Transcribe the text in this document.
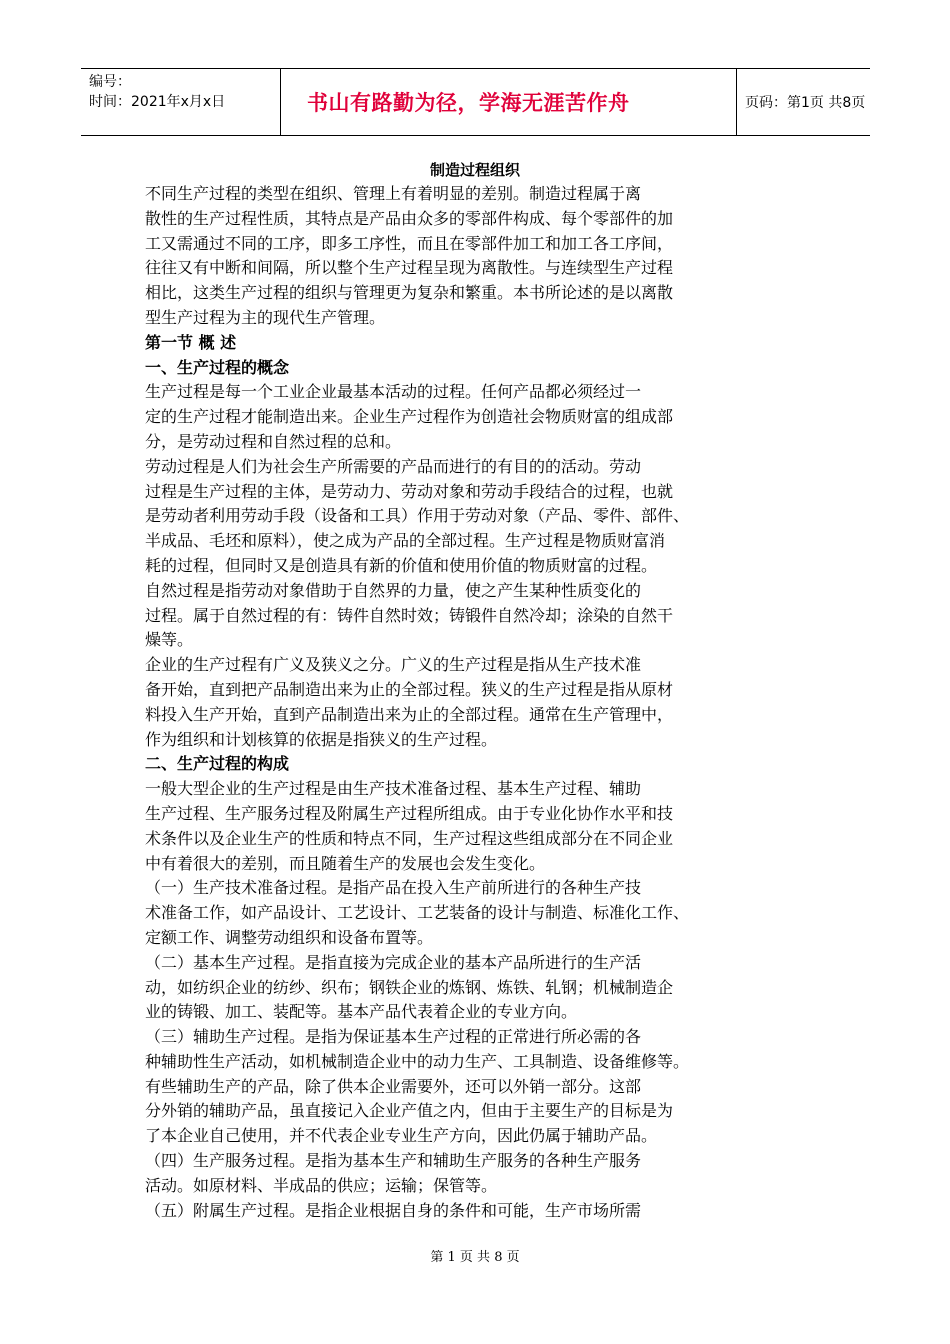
编号：
时间：2021年x月x日	书山有路勤为径，学海无涯苦作舟	页码：第1页 共8页
制造过程组织
不同生产过程的类型在组织、管理上有着明显的差别。制造过程属于离
散性的生产过程性质，其特点是产品由众多的零部件构成、每个零部件的加
工又需通过不同的工序，即多工序性，而且在零部件加工和加工各工序间，
往往又有中断和间隔，所以整个生产过程呈现为离散性。与连续型生产过程
相比，这类生产过程的组织与管理更为复杂和繁重。本书所论述的是以离散
型生产过程为主的现代生产管理。
第一节 概 述
一、生产过程的概念
生产过程是每一个工业企业最基本活动的过程。任何产品都必须经过一
定的生产过程才能制造出来。企业生产过程作为创造社会物质财富的组成部
分，是劳动过程和自然过程的总和。
劳动过程是人们为社会生产所需要的产品而进行的有目的的活动。劳动
过程是生产过程的主体，是劳动力、劳动对象和劳动手段结合的过程，也就
是劳动者利用劳动手段（设备和工具）作用于劳动对象（产品、零件、部件、
半成品、毛坯和原料），使之成为产品的全部过程。生产过程是物质财富消
耗的过程，但同时又是创造具有新的价值和使用价值的物质财富的过程。
自然过程是指劳动对象借助于自然界的力量，使之产生某种性质变化的
过程。属于自然过程的有：铸件自然时效；铸锻件自然冷却；涂染的自然干
燥等。
企业的生产过程有广义及狭义之分。广义的生产过程是指从生产技术准
备开始，直到把产品制造出来为止的全部过程。狭义的生产过程是指从原材
料投入生产开始，直到产品制造出来为止的全部过程。通常在生产管理中，
作为组织和计划核算的依据是指狭义的生产过程。
二、生产过程的构成
一般大型企业的生产过程是由生产技术准备过程、基本生产过程、辅助
生产过程、生产服务过程及附属生产过程所组成。由于专业化协作水平和技
术条件以及企业生产的性质和特点不同，生产过程这些组成部分在不同企业
中有着很大的差别，而且随着生产的发展也会发生变化。
（一）生产技术准备过程。是指产品在投入生产前所进行的各种生产技
术准备工作，如产品设计、工艺设计、工艺装备的设计与制造、标准化工作、
定额工作、调整劳动组织和设备布置等。
（二）基本生产过程。是指直接为完成企业的基本产品所进行的生产活
动，如纺织企业的纺纱、织布；钢铁企业的炼钢、炼铁、轧钢；机械制造企
业的铸锻、加工、装配等。基本产品代表着企业的专业方向。
（三）辅助生产过程。是指为保证基本生产过程的正常进行所必需的各
种辅助性生产活动，如机械制造企业中的动力生产、工具制造、设备维修等。
有些辅助生产的产品，除了供本企业需要外，还可以外销一部分。这部
分外销的辅助产品，虽直接记入企业产值之内，但由于主要生产的目标是为
了本企业自己使用，并不代表企业专业生产方向，因此仍属于辅助产品。
（四）生产服务过程。是指为基本生产和辅助生产服务的各种生产服务
活动。如原材料、半成品的供应；运输；保管等。
（五）附属生产过程。是指企业根据自身的条件和可能，生产市场所需
第 1 页 共 8 页
